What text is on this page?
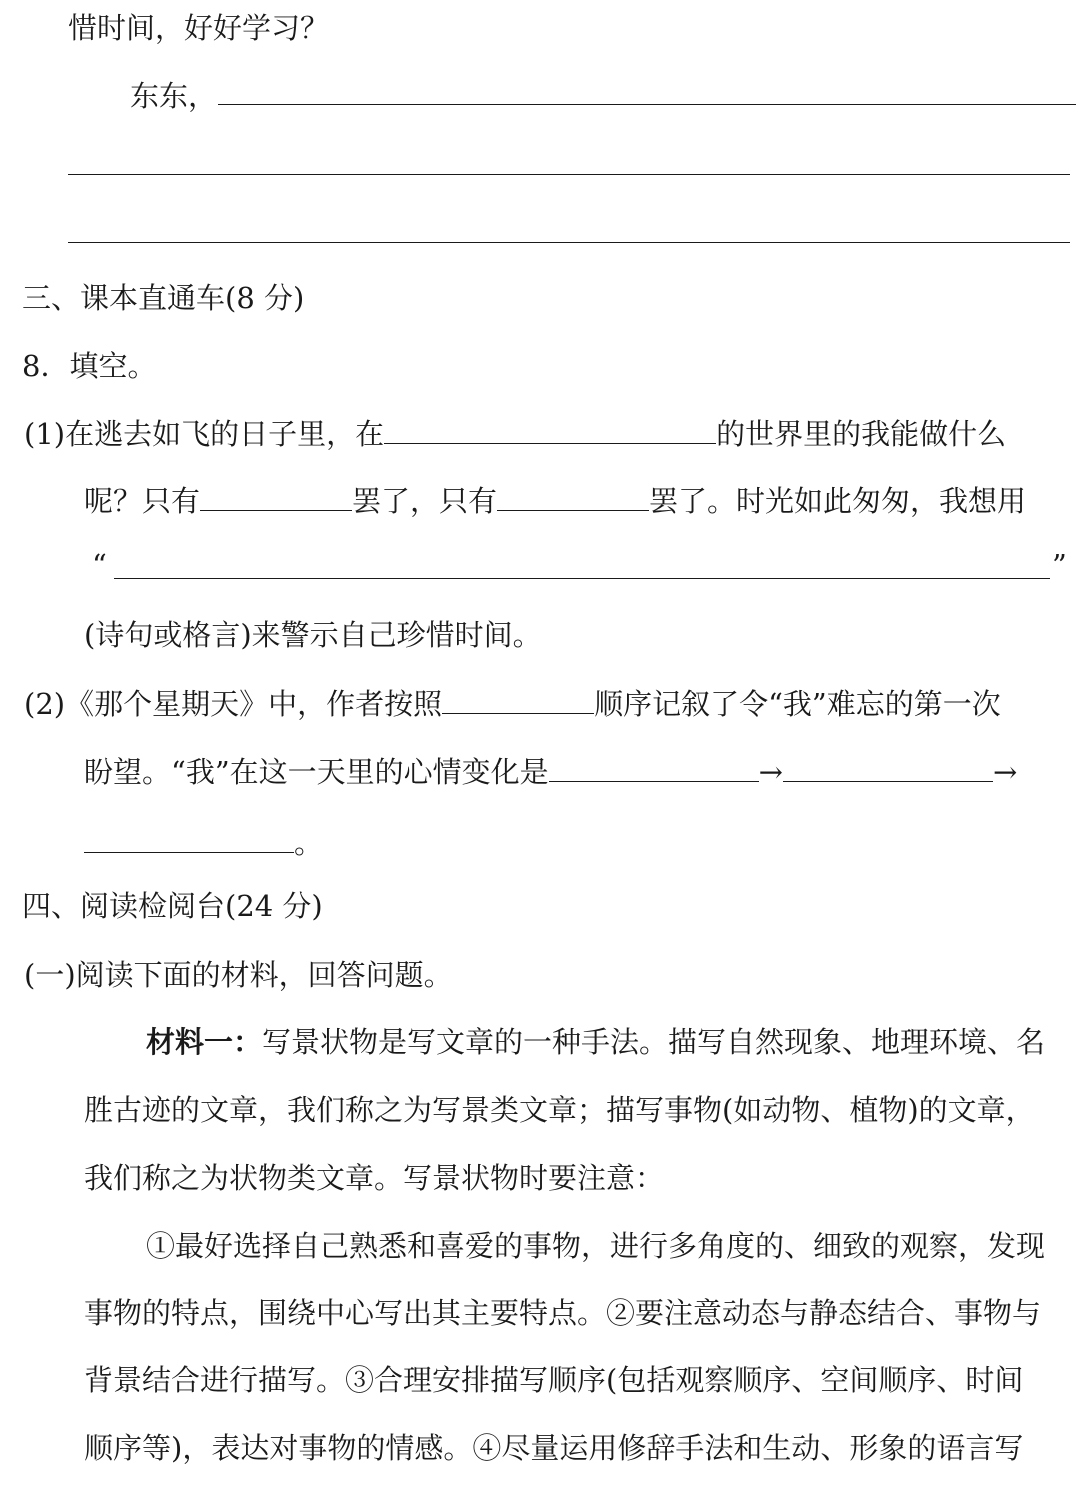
惜时间，好好学习？
东东，
三、课本直通车(8 分)
8．填空。
(1)在逃去如飞的日子里，在	的世界里的我能做什么
呢？只有	罢了，只有	罢了。时光如此匆匆，我想用
“	”
(诗句或格言)来警示自己珍惜时间。
(2)《那个星期天》中，作者按照	顺序记叙了令“我”难忘的第一次
盼望。“我”在这一天里的心情变化是	→	→
。
四、阅读检阅台(24 分)
(一)阅读下面的材料，回答问题。
材料一：写景状物是写文章的一种手法。描写自然现象、地理环境、名
胜古迹的文章，我们称之为写景类文章；描写事物(如动物、植物)的文章，
我们称之为状物类文章。写景状物时要注意：
①最好选择自己熟悉和喜爱的事物，进行多角度的、细致的观察，发现
事物的特点，围绕中心写出其主要特点。②要注意动态与静态结合、事物与
背景结合进行描写。③合理安排描写顺序(包括观察顺序、空间顺序、时间
顺序等)，表达对事物的情感。④尽量运用修辞手法和生动、形象的语言写
